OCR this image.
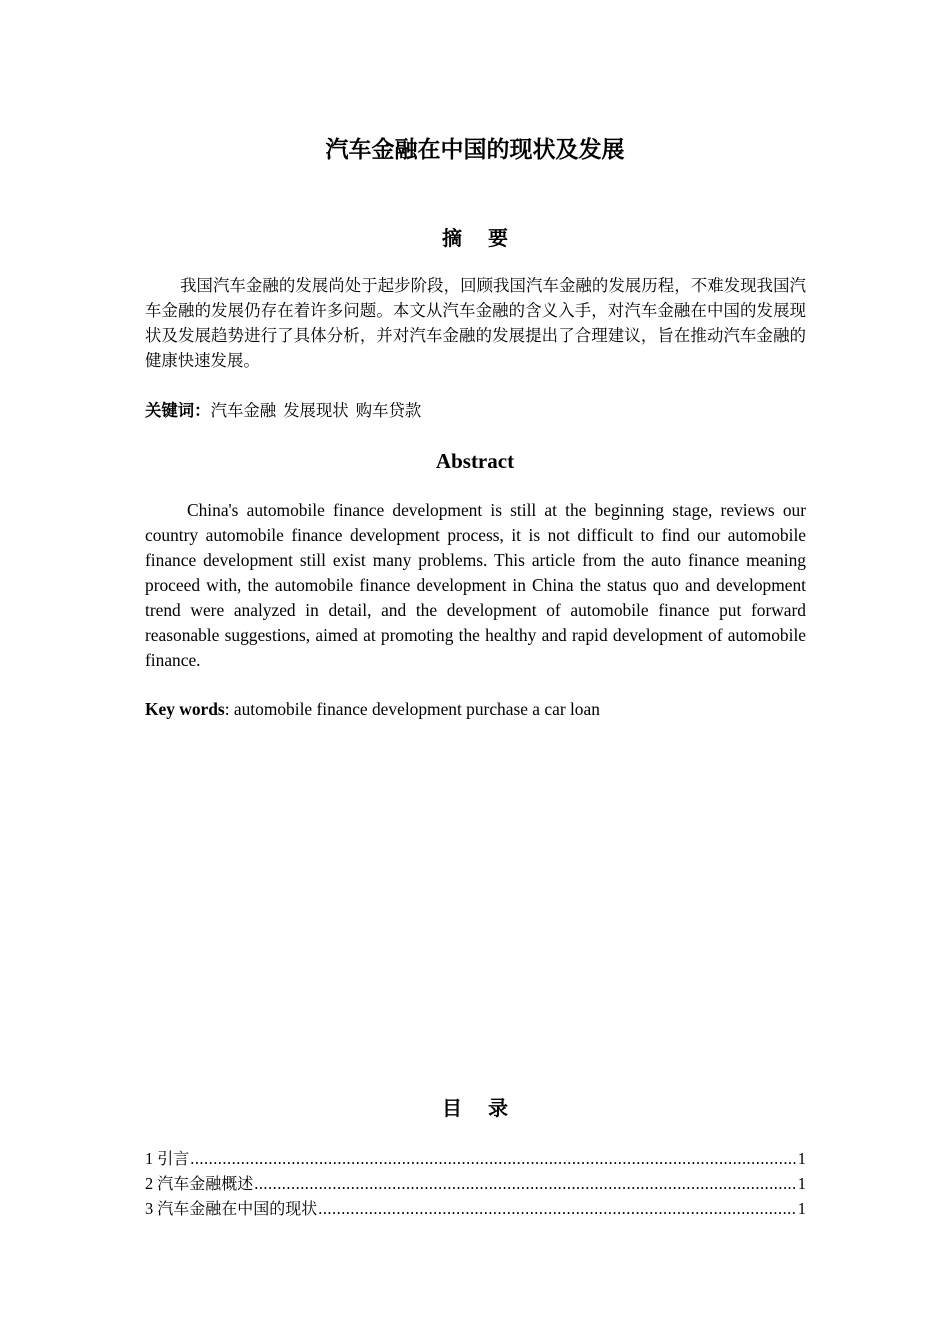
汽车金融在中国的现状及发展
摘 要

我国汽车金融的发展尚处于起步阶段，回顾我国汽车金融的发展历程，不难发现我国汽车金融的发展仍存在着许多问题。本文从汽车金融的含义入手，对汽车金融在中国的发展现状及发展趋势进行了具体分析，并对汽车金融的发展提出了合理建议，旨在推动汽车金融的健康快速发展。

关键词：汽车金融 发展现状 购车贷款

Abstract

China's automobile finance development is still at the beginning stage, reviews our country automobile finance development process, it is not difficult to find our automobile finance development still exist many problems. This article from the auto finance meaning proceed with, the automobile finance development in China the status quo and development trend were analyzed in detail, and the development of automobile finance put forward reasonable suggestions, aimed at promoting the healthy and rapid development of automobile finance.

Key words: automobile finance development purchase a car loan

目 录
1 引言 .....	1
2 汽车金融概述 .....	1
3 汽车金融在中国的现状 .....	1
